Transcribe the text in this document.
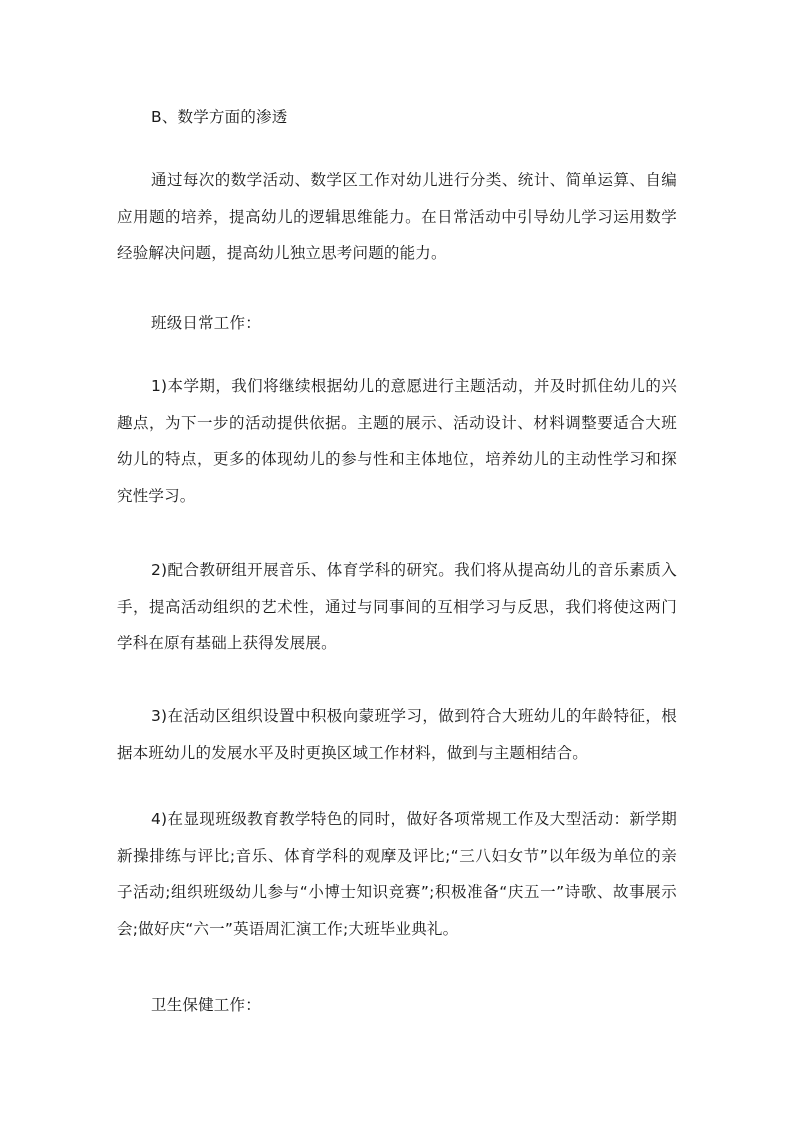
B、数学方面的渗透

通过每次的数学活动、数学区工作对幼儿进行分类、统计、简单运算、自编应用题的培养，提高幼儿的逻辑思维能力。在日常活动中引导幼儿学习运用数学经验解决问题，提高幼儿独立思考问题的能力。

班级日常工作：

1)本学期，我们将继续根据幼儿的意愿进行主题活动，并及时抓住幼儿的兴趣点，为下一步的活动提供依据。主题的展示、活动设计、材料调整要适合大班幼儿的特点，更多的体现幼儿的参与性和主体地位，培养幼儿的主动性学习和探究性学习。

2)配合教研组开展音乐、体育学科的研究。我们将从提高幼儿的音乐素质入手，提高活动组织的艺术性，通过与同事间的互相学习与反思，我们将使这两门学科在原有基础上获得发展展。

3)在活动区组织设置中积极向蒙班学习，做到符合大班幼儿的年龄特征，根据本班幼儿的发展水平及时更换区域工作材料，做到与主题相结合。

4)在显现班级教育教学特色的同时，做好各项常规工作及大型活动：新学期新操排练与评比;音乐、体育学科的观摩及评比;“三八妇女节”以年级为单位的亲子活动;组织班级幼儿参与“小博士知识竞赛”;积极准备“庆五一”诗歌、故事展示会;做好庆“六一”英语周汇演工作;大班毕业典礼。

卫生保健工作：
